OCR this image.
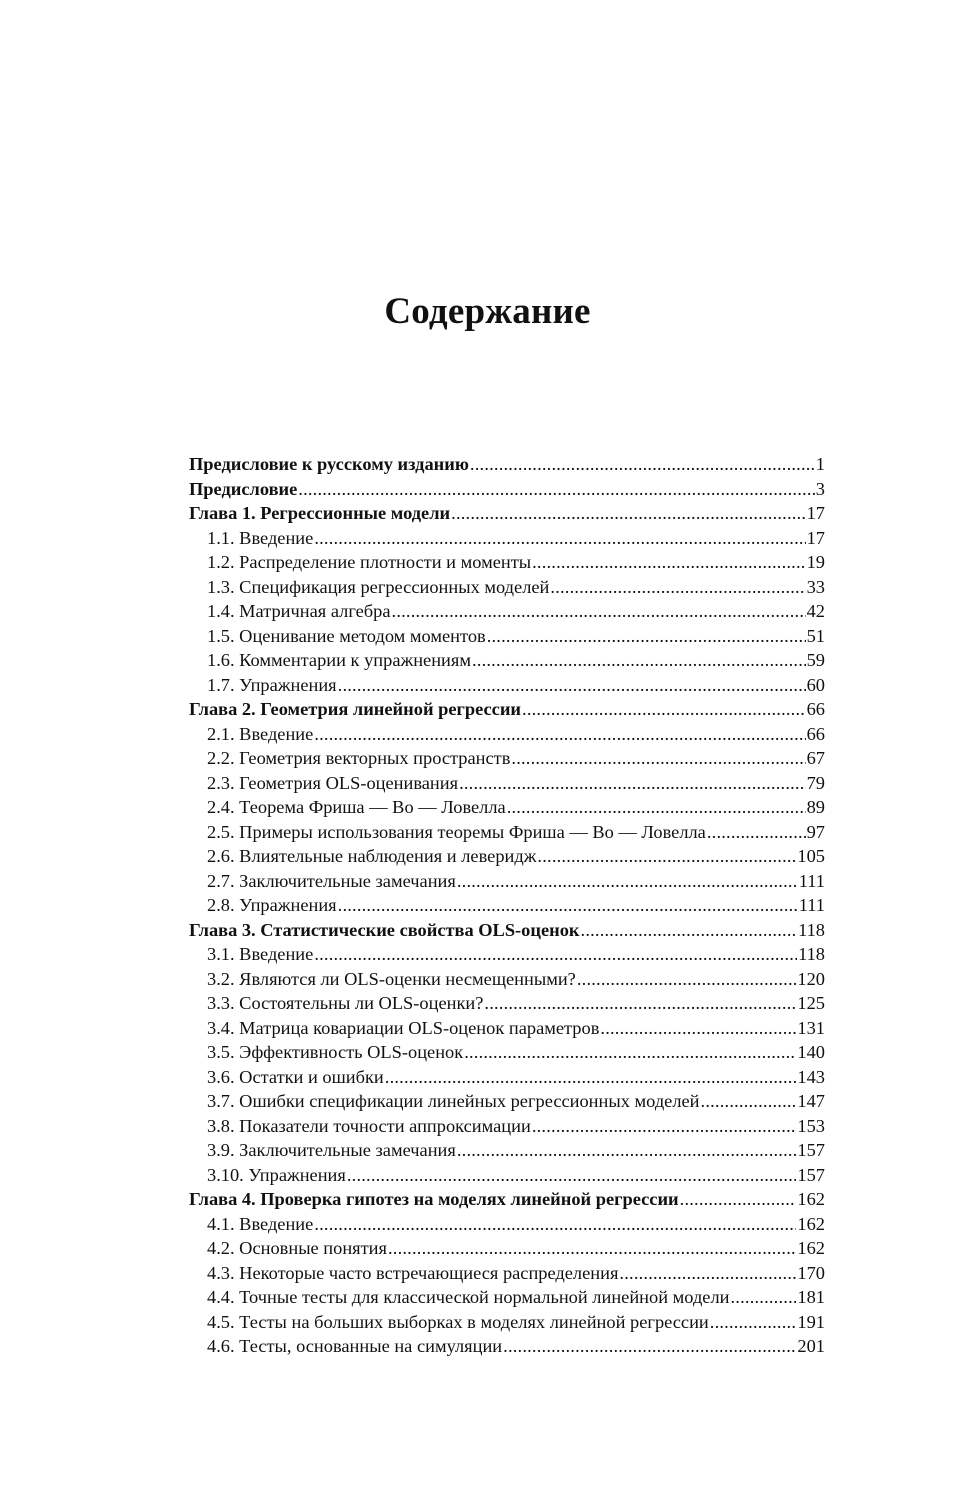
Содержание
Предисловие к русскому изданию .....	1
Предисловие .....	3
Глава 1. Регрессионные модели .....	17
1.1. Введение .....	17
1.2. Распределение плотности и моменты .....	19
1.3. Спецификация регрессионных моделей .....	33
1.4. Матричная алгебра .....	42
1.5. Оценивание методом моментов .....	51
1.6. Комментарии к упражнениям .....	59
1.7. Упражнения .....	60
Глава 2. Геометрия линейной регрессии .....	66
2.1. Введение .....	66
2.2. Геометрия векторных пространств .....	67
2.3. Геометрия OLS-оценивания .....	79
2.4. Теорема Фриша — Во — Ловелла .....	89
2.5. Примеры использования теоремы Фриша — Во — Ловелла .....	97
2.6. Влиятельные наблюдения и левеpидж .....	105
2.7. Заключительные замечания .....	111
2.8. Упражнения .....	111
Глава 3. Статистические свойства OLS-оценок .....	118
3.1. Введение .....	118
3.2. Являются ли OLS-оценки несмещенными? .....	120
3.3. Состоятельны ли OLS-оценки? .....	125
3.4. Матрица ковариации OLS-оценок параметров .....	131
3.5. Эффективность OLS-оценок .....	140
3.6. Остатки и ошибки .....	143
3.7. Ошибки спецификации линейных регрессионных моделей .....	147
3.8. Показатели точности аппроксимации .....	153
3.9. Заключительные замечания .....	157
3.10. Упражнения .....	157
Глава 4. Проверка гипотез на моделях линейной регрессии .....	162
4.1. Введение .....	162
4.2. Основные понятия .....	162
4.3. Некоторые часто встречающиеся распределения .....	170
4.4. Точные тесты для классической нормальной линейной модели .....	181
4.5. Тесты на больших выборках в моделях линейной регрессии .....	191
4.6. Тесты, основанные на симуляции .....	201
